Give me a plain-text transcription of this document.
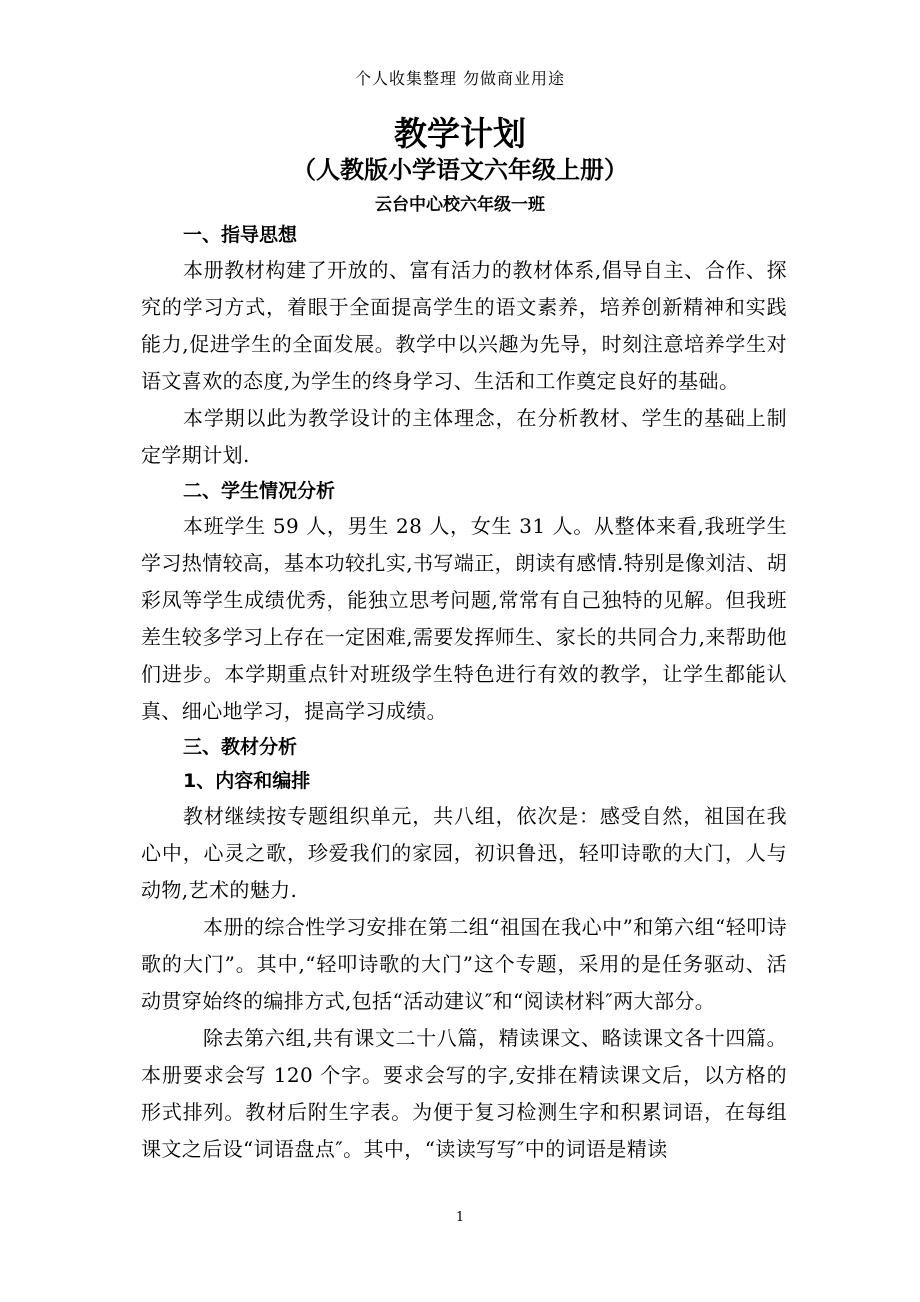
个人收集整理 勿做商业用途
教学计划
（人教版小学语文六年级上册）
云台中心校六年级一班
一、指导思想

本册教材构建了开放的、富有活力的教材体系,倡导自主、合作、探究的学习方式，着眼于全面提高学生的语文素养，培养创新精神和实践能力,促进学生的全面发展。教学中以兴趣为先导，时刻注意培养学生对语文喜欢的态度,为学生的终身学习、生活和工作奠定良好的基础。

本学期以此为教学设计的主体理念，在分析教材、学生的基础上制定学期计划.

二、学生情况分析

本班学生 59 人，男生 28 人，女生 31 人。从整体来看,我班学生学习热情较高，基本功较扎实,书写端正，朗读有感情.特别是像刘洁、胡彩凤等学生成绩优秀，能独立思考问题,常常有自己独特的见解。但我班差生较多学习上存在一定困难,需要发挥师生、家长的共同合力,来帮助他们进步。本学期重点针对班级学生特色进行有效的教学，让学生都能认真、细心地学习，提高学习成绩。

三、教材分析
1、内容和编排

教材继续按专题组织单元，共八组，依次是：感受自然，祖国在我心中，心灵之歌，珍爱我们的家园，初识鲁迅，轻叩诗歌的大门，人与动物,艺术的魅力.

本册的综合性学习安排在第二组“祖国在我心中”和第六组“轻叩诗歌的大门”。其中,“轻叩诗歌的大门”这个专题，采用的是任务驱动、活动贯穿始终的编排方式,包括“活动建议″和“阅读材料″两大部分。

除去第六组,共有课文二十八篇，精读课文、略读课文各十四篇。本册要求会写 120 个字。要求会写的字,安排在精读课文后，以方格的形式排列。教材后附生字表。为便于复习检测生字和积累词语，在每组课文之后设“词语盘点″。其中，“读读写写″中的词语是精读

1
